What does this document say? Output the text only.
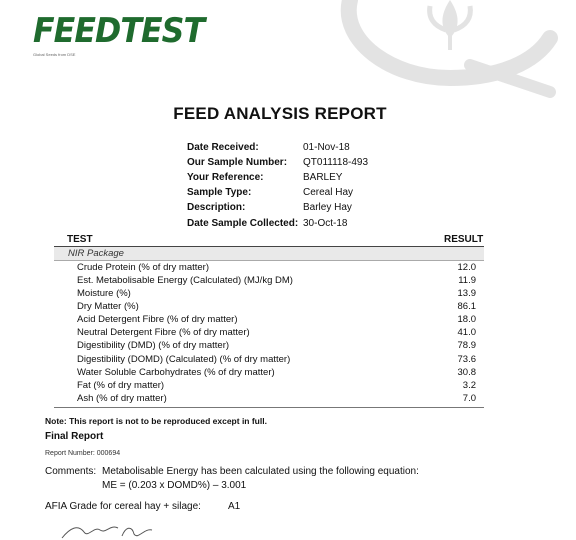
FEEDTEST
Global Seeds from DSE
FEED ANALYSIS REPORT
Date Received:	01-Nov-18
Our Sample Number: QT011118-493
Your Reference:	BARLEY
Sample Type:	Cereal Hay
Description:	Barley Hay
Date Sample Collected: 30-Oct-18
TEST	RESULT
NIR Package
Crude Protein (% of dry matter)	12.0
Est. Metabolisable Energy (Calculated) (MJ/kg DM)	11.9
Moisture (%)	13.9
Dry Matter (%)	86.1
Acid Detergent Fibre (% of dry matter)	18.0
Neutral Detergent Fibre (% of dry matter)	41.0
Digestibility (DMD) (% of dry matter)	78.9
Digestibility (DOMD) (Calculated) (% of dry matter)	73.6
Water Soluble Carbohydrates (% of dry matter)	30.8
Fat (% of dry matter)	3.2
Ash (% of dry matter)	7.0
Note: This report is not to be reproduced except in full.
Final Report
Report Number: 000694
Comments: Metabolisable Energy has been calculated using the following equation:
ME = (0.203 x DOMD%) – 3.001
AFIA Grade for cereal hay + silage:	A1
